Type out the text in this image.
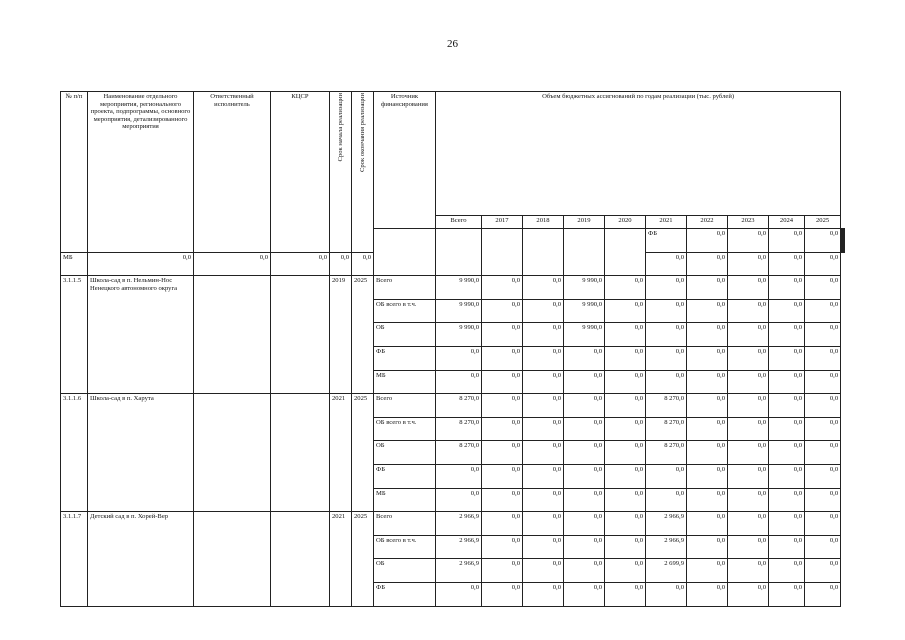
26
№ п/п	Наименование отдельного мероприятия, регионального проекта, подпрограммы, основного мероприятия, детализированного мероприятия	Ответственный исполнитель	КЦСР	Срок начала реализации	Срок окончания реализации	Источник финансирования	Объем бюджетных ассигнований по годам реализации (тыс. рублей)											
							Всего	2017	2018	2019	2020	2021	2022	2023	2024	2025		
												ФБ	0,0	0,0	0,0	0,0						
МБ	0,0	0,0	0,0	0,0	0,0							0,0	0,0	0,0	0,0	0,0		
3.1.1.5	Школа-сад в п. Нельмин-Нос Ненецкого автономного округа			2019	2025	Всего	9 990,0	0,0	0,0	9 990,0	0,0	0,0	0,0	0,0	0,0	0,0		
						ОБ всего в т.ч.	9 990,0	0,0	0,0	9 990,0	0,0	0,0	0,0	0,0	0,0	0,0		
						ОБ	9 990,0	0,0	0,0	9 990,0	0,0	0,0	0,0	0,0	0,0	0,0		
						ФБ	0,0	0,0	0,0	0,0	0,0	0,0	0,0	0,0	0,0	0,0		
						МБ	0,0	0,0	0,0	0,0	0,0	0,0	0,0	0,0	0,0	0,0		
3.1.1.6	Школа-сад в п. Харута			2021	2025	Всего	8 270,0	0,0	0,0	0,0	0,0	8 270,0	0,0	0,0	0,0	0,0		
						ОБ всего в т.ч.	8 270,0	0,0	0,0	0,0	0,0	8 270,0	0,0	0,0	0,0	0,0		
						ОБ	8 270,0	0,0	0,0	0,0	0,0	8 270,0	0,0	0,0	0,0	0,0		
						ФБ	0,0	0,0	0,0	0,0	0,0	0,0	0,0	0,0	0,0	0,0		
						МБ	0,0	0,0	0,0	0,0	0,0	0,0	0,0	0,0	0,0	0,0		
3.1.1.7	Детский сад в п. Хорей-Вер			2021	2025	Всего	2 966,9	0,0	0,0	0,0	0,0	2 966,9	0,0	0,0	0,0	0,0		
						ОБ всего в т.ч.	2 966,9	0,0	0,0	0,0	0,0	2 966,9	0,0	0,0	0,0	0,0		
						ОБ	2 966,9	0,0	0,0	0,0	0,0	2 699,9	0,0	0,0	0,0	0,0		
						ФБ	0,0	0,0	0,0	0,0	0,0	0,0	0,0	0,0	0,0	0,0		
